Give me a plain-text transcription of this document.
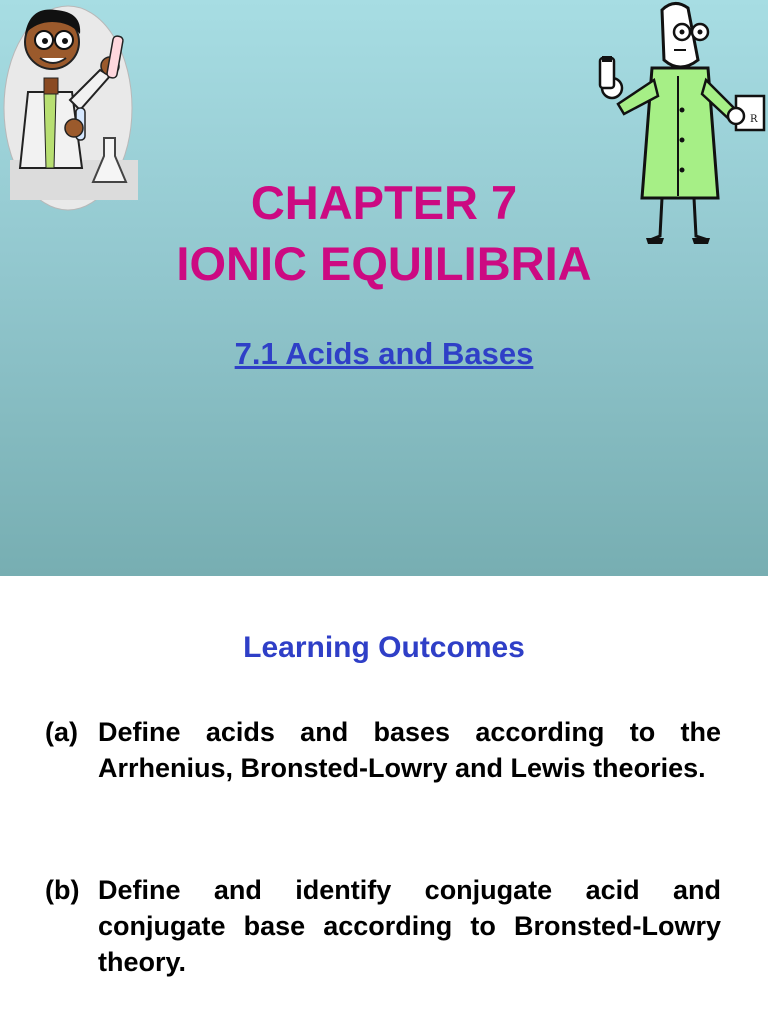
R
CHAPTER 7
IONIC EQUILIBRIA
7.1 Acids and Bases
Learning Outcomes
(a) Define acids and bases according to the Arrhenius, Bronsted-Lowry and Lewis theories.
(b) Define and identify conjugate acid and conjugate base according to Bronsted-Lowry theory.
